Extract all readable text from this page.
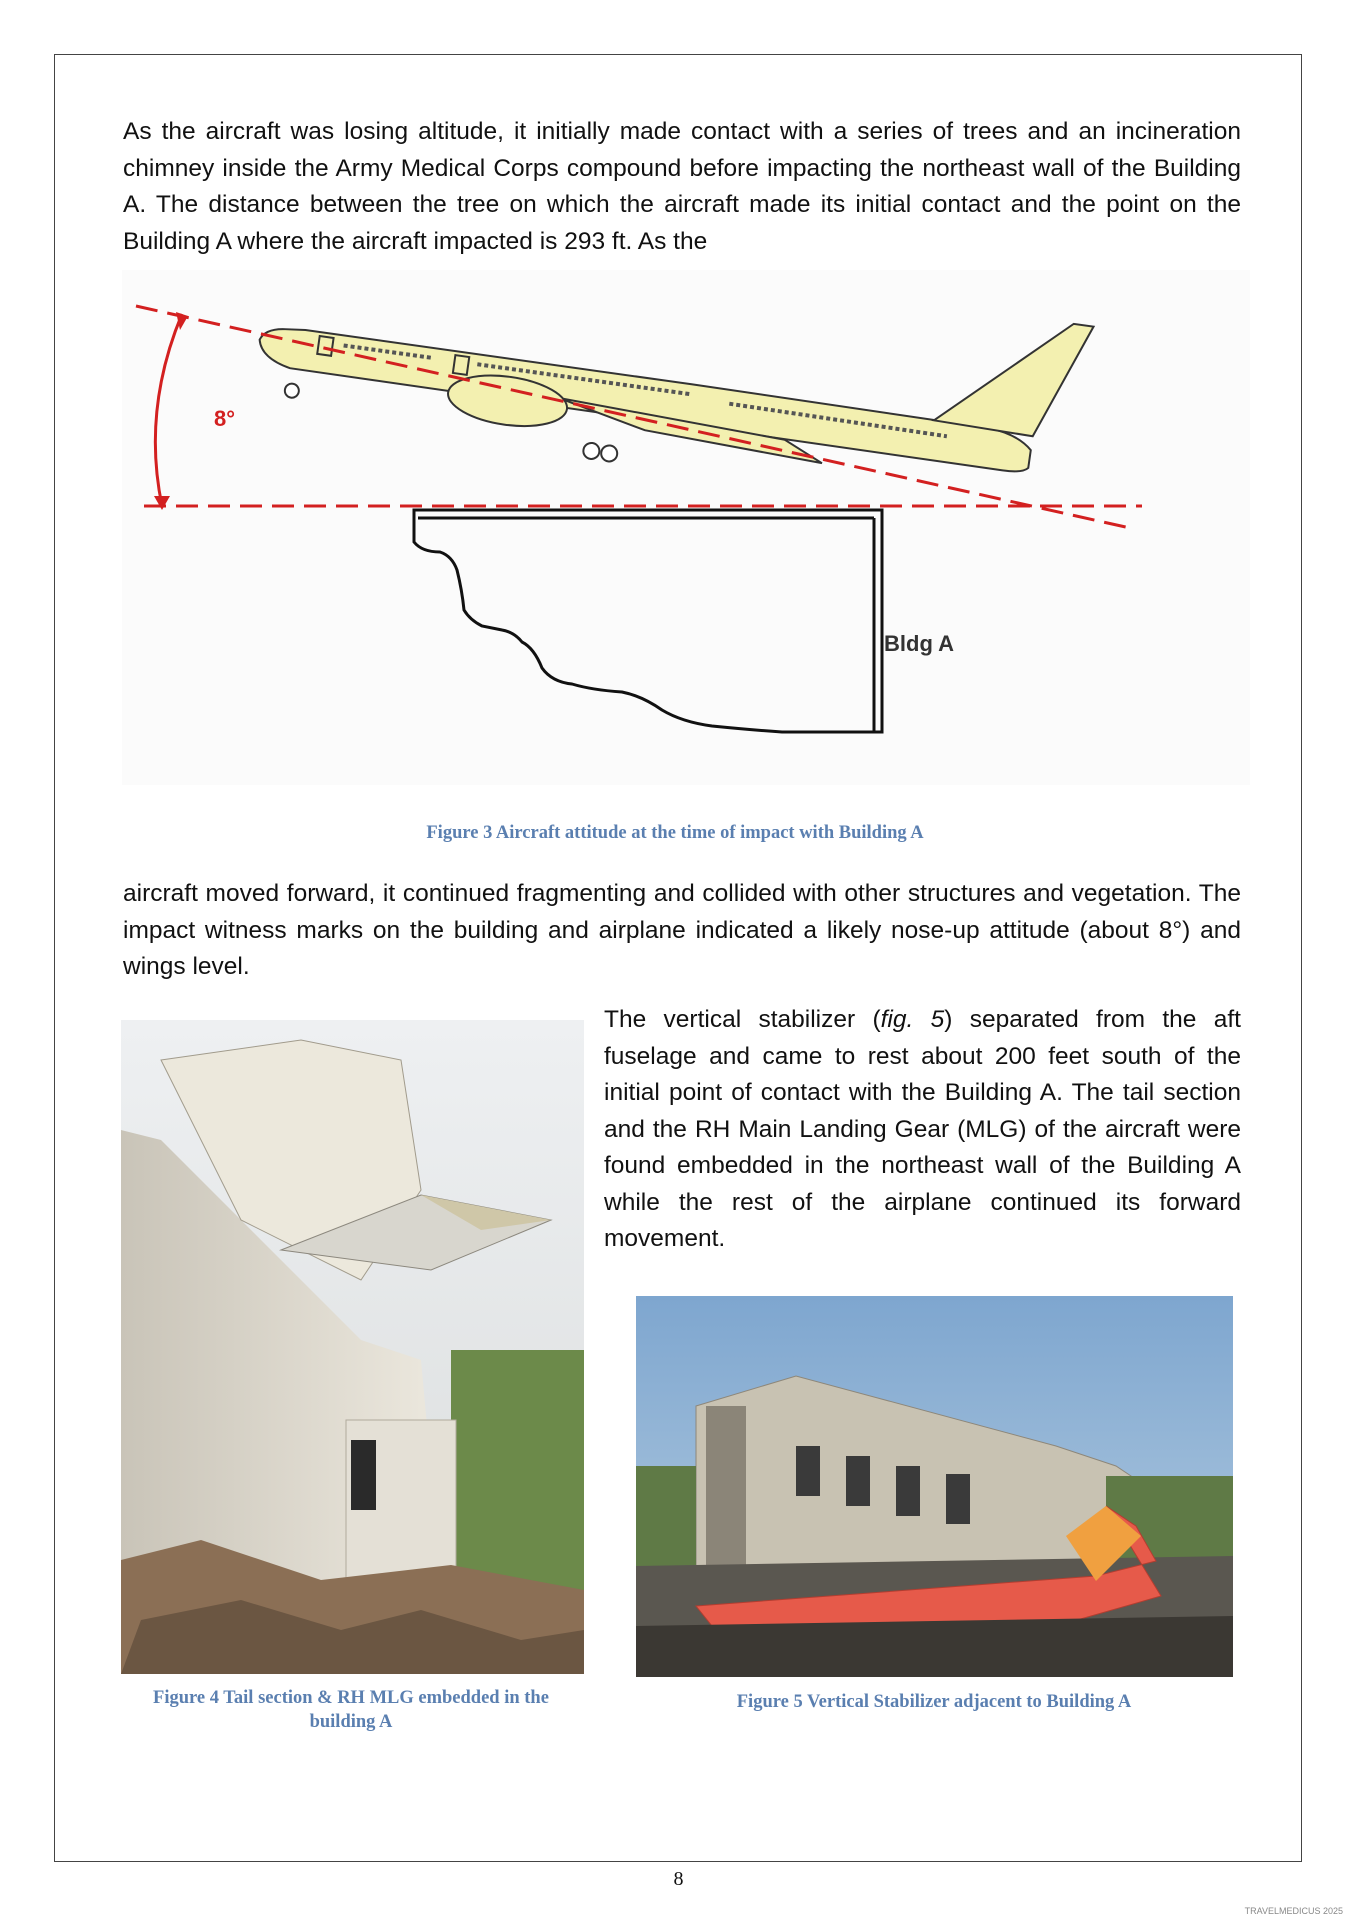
As the aircraft was losing altitude, it initially made contact with a series of trees and an incineration chimney inside the Army Medical Corps compound before impacting the northeast wall of the Building A. The distance between the tree on which the aircraft made its initial contact and the point on the Building A where the aircraft impacted is 293 ft. As the

8°
Bldg A
Figure 3 Aircraft attitude at the time of impact with Building A

aircraft moved forward, it continued fragmenting and collided with other structures and vegetation. The impact witness marks on the building and airplane indicated a likely nose-up attitude (about 8°) and wings level.

Figure 4 Tail section & RH MLG embedded in the building A

The vertical stabilizer (fig. 5) separated from the aft fuselage and came to rest about 200 feet south of the initial point of contact with the Building A. The tail section and the RH Main Landing Gear (MLG) of the aircraft were found embedded in the northeast wall of the Building A while the rest of the airplane continued its forward movement.

Figure 5 Vertical Stabilizer adjacent to Building A
8
TRAVELMEDICUS 2025
